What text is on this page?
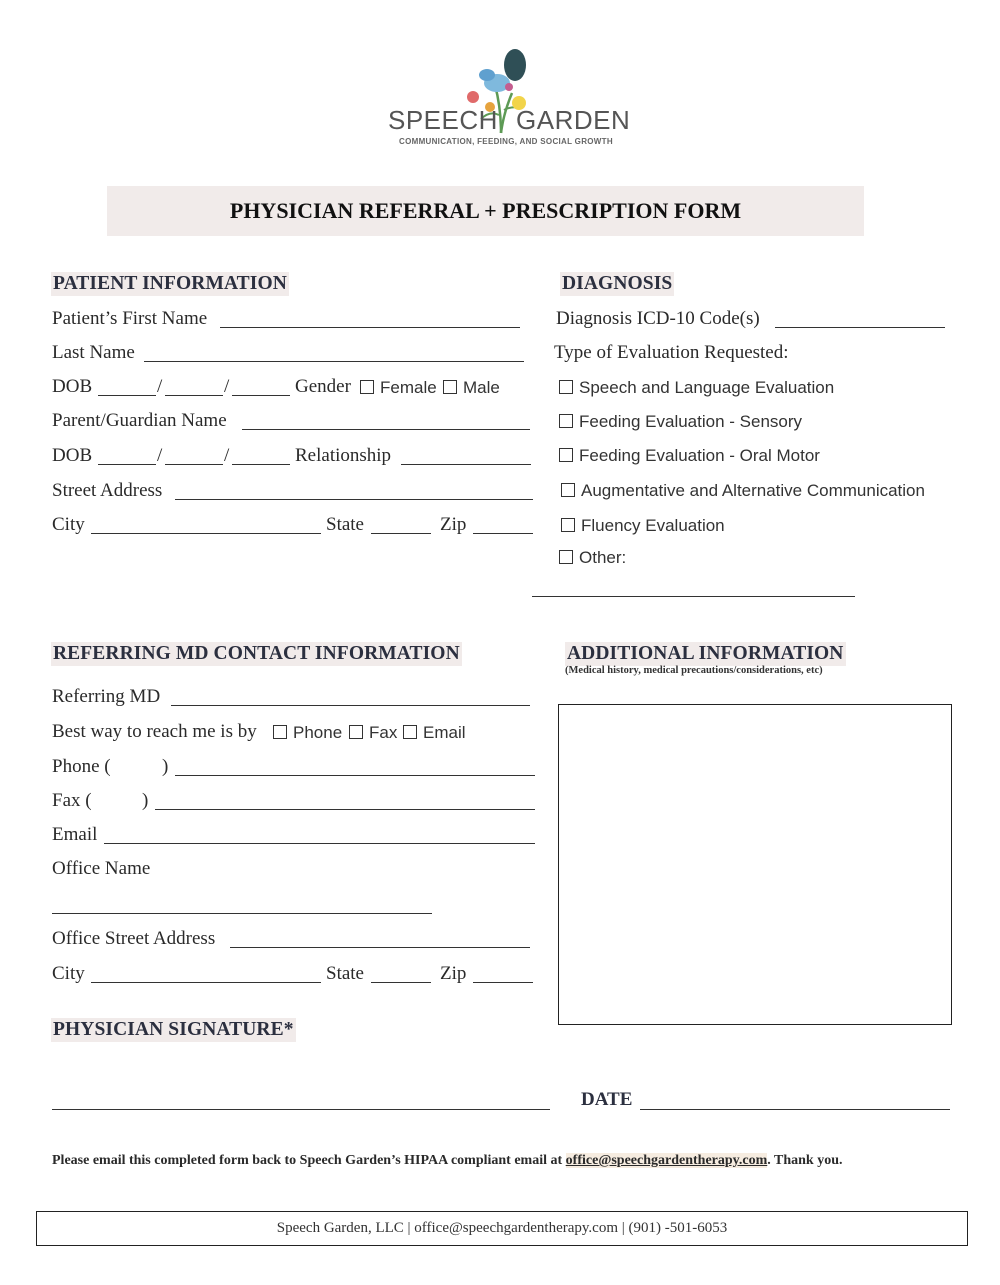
SPEECH GARDEN
COMMUNICATION, FEEDING, AND SOCIAL GROWTH
PHYSICIAN REFERRAL + PRESCRIPTION FORM
PATIENT INFORMATION
Patient’s First Name
Last Name
DOB	/	/	Gender	Female	Male
Parent/Guardian Name
DOB	/	/	Relationship
Street Address
City	State	Zip
DIAGNOSIS
Diagnosis ICD-10 Code(s)
Type of Evaluation Requested:
Speech and Language Evaluation
Feeding Evaluation - Sensory
Feeding Evaluation - Oral Motor
Augmentative and Alternative Communication
Fluency Evaluation
Other:
REFERRING MD CONTACT INFORMATION
Referring MD
Best way to reach me is by	Phone	Fax	Email
Phone (	)
Fax (	)
Email
Office Name
Office Street Address
City	State	Zip
ADDITIONAL INFORMATION
(Medical history, medical precautions/considerations, etc)
PHYSICIAN SIGNATURE*
DATE
Please email this completed form back to Speech Garden’s HIPAA compliant email at office@speechgardentherapy.com. Thank you.
Speech Garden, LLC | office@speechgardentherapy.com | (901) -501-6053
